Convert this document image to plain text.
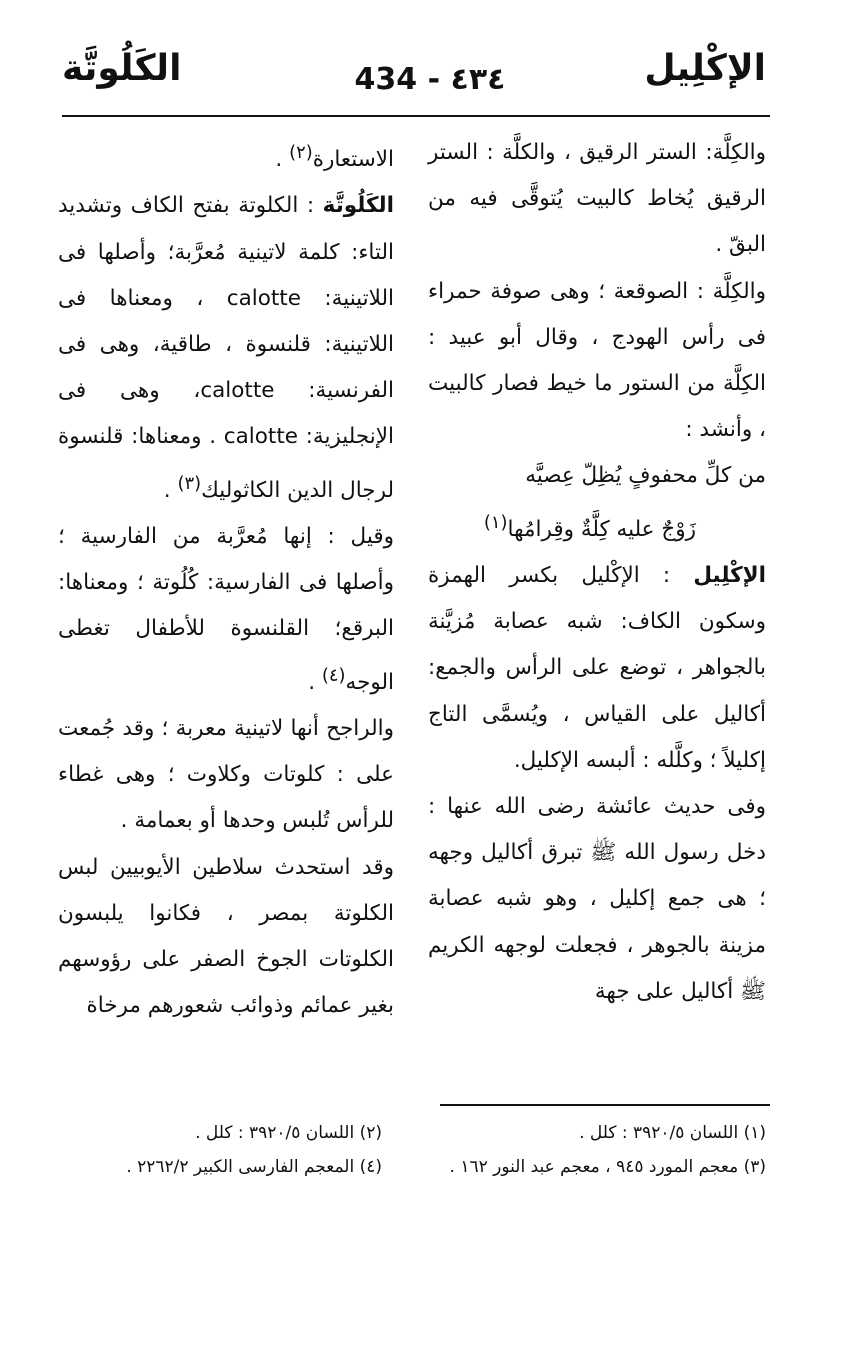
الإكْلِيل
434 - ٤٣٤
الكَلُوتَّة

والكِلَّة: الستر الرقيق ، والكلَّة : الستر الرقيق يُخاط كالبيت يُتوقَّى فيه من البقّ .

والكِلَّة : الصوقعة ؛ وهى صوفة حمراء فى رأس الهودج ، وقال أبو عبيد : الكِلَّة من الستور ما خيط فصار كالبيت ، وأنشد :

من كلِّ محفوفٍ يُظِلّ عِصيَّه

زَوْجٌ عليه كِلَّةٌ وقِرامُها$^{(١)}$

الإكْلِيل : الإكْليل بكسر الهمزة وسكون الكاف: شبه عصابة مُزيَّنة بالجواهر ، توضع على الرأس والجمع: أكاليل على القياس ، ويُسمَّى التاج إكليلاً ؛ وكلَّله : ألبسه الإكليل.

وفى حديث عائشة رضى الله عنها : دخل رسول الله ﷺ تبرق أكاليل وجهه ؛ هى جمع إكليل ، وهو شبه عصابة مزينة بالجوهر ، فجعلت لوجهه الكريم ﷺ أكاليل على جهة

الاستعارة$^{(٢)}$ .

الكَلُوتَّة : الكلوتة بفتح الكاف وتشديد التاء: كلمة لاتينية مُعرَّبة؛ وأصلها فى اللاتينية: calotte ، ومعناها فى اللاتينية: قلنسوة ، طاقية، وهى فى الفرنسية: calotte، وهى فى الإنجليزية: calotte . ومعناها: قلنسوة لرجال الدين الكاثوليك$^{(٣)}$ .

وقيل : إنها مُعرَّبة من الفارسية ؛ وأصلها فى الفارسية: كُلُوتة ؛ ومعناها: البرقع؛ القلنسوة للأطفال تغطى الوجه$^{(٤)}$ .

والراجح أنها لاتينية معربة ؛ وقد جُمعت على : كلوتات وكلاوت ؛ وهى غطاء للرأس تُلبس وحدها أو بعمامة .

وقد استحدث سلاطين الأيوبيين لبس الكلوتة بمصر ، فكانوا يلبسون الكلوتات الجوخ الصفر على رؤوسهم بغير عمائم وذوائب شعورهم مرخاة

(١) اللسان ٣٩٢٠/٥ : كلل .

(٣) معجم المورد ٩٤٥ ، معجم عبد النور ١٦٢ .

(٢) اللسان ٣٩٢٠/٥ : كلل .

(٤) المعجم الفارسى الكبير ٢٢٦٢/٢ .
